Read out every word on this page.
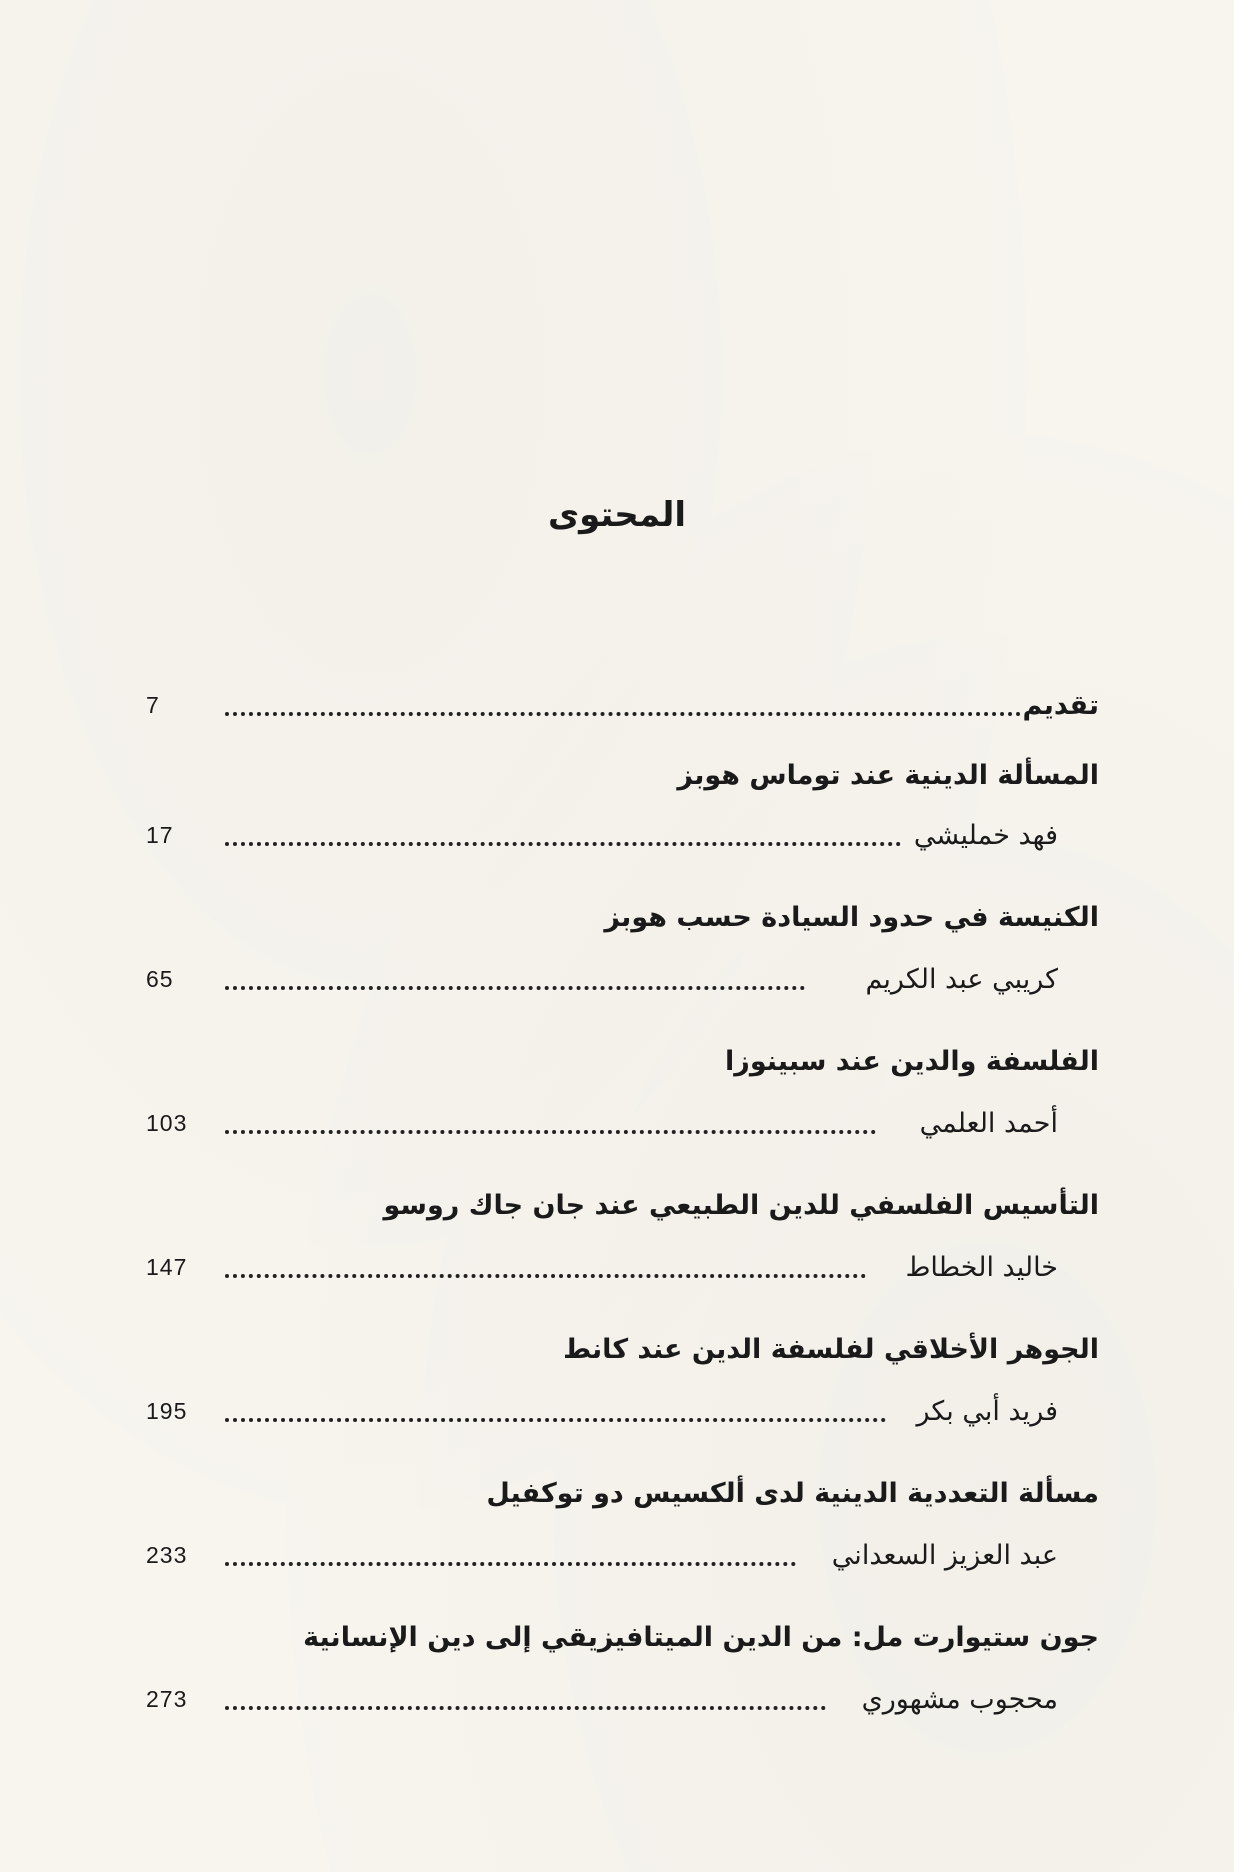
المحتوى
تقديم
7
المسألة الدينية عند توماس هوبز
فهد خمليشي
17
الكنيسة في حدود السيادة حسب هوبز
كريبي عبد الكريم
65
الفلسفة والدين عند سبينوزا
أحمد العلمي
103
التأسيس الفلسفي للدين الطبيعي عند جان جاك روسو
خاليد الخطاط
147
الجوهر الأخلاقي لفلسفة الدين عند كانط
فريد أبي بكر
195
مسألة التعددية الدينية لدى ألكسيس دو توكفيل
عبد العزيز السعداني
233
جون ستيوارت مل: من الدين الميتافيزيقي إلى دين الإنسانية
محجوب مشهوري
273
